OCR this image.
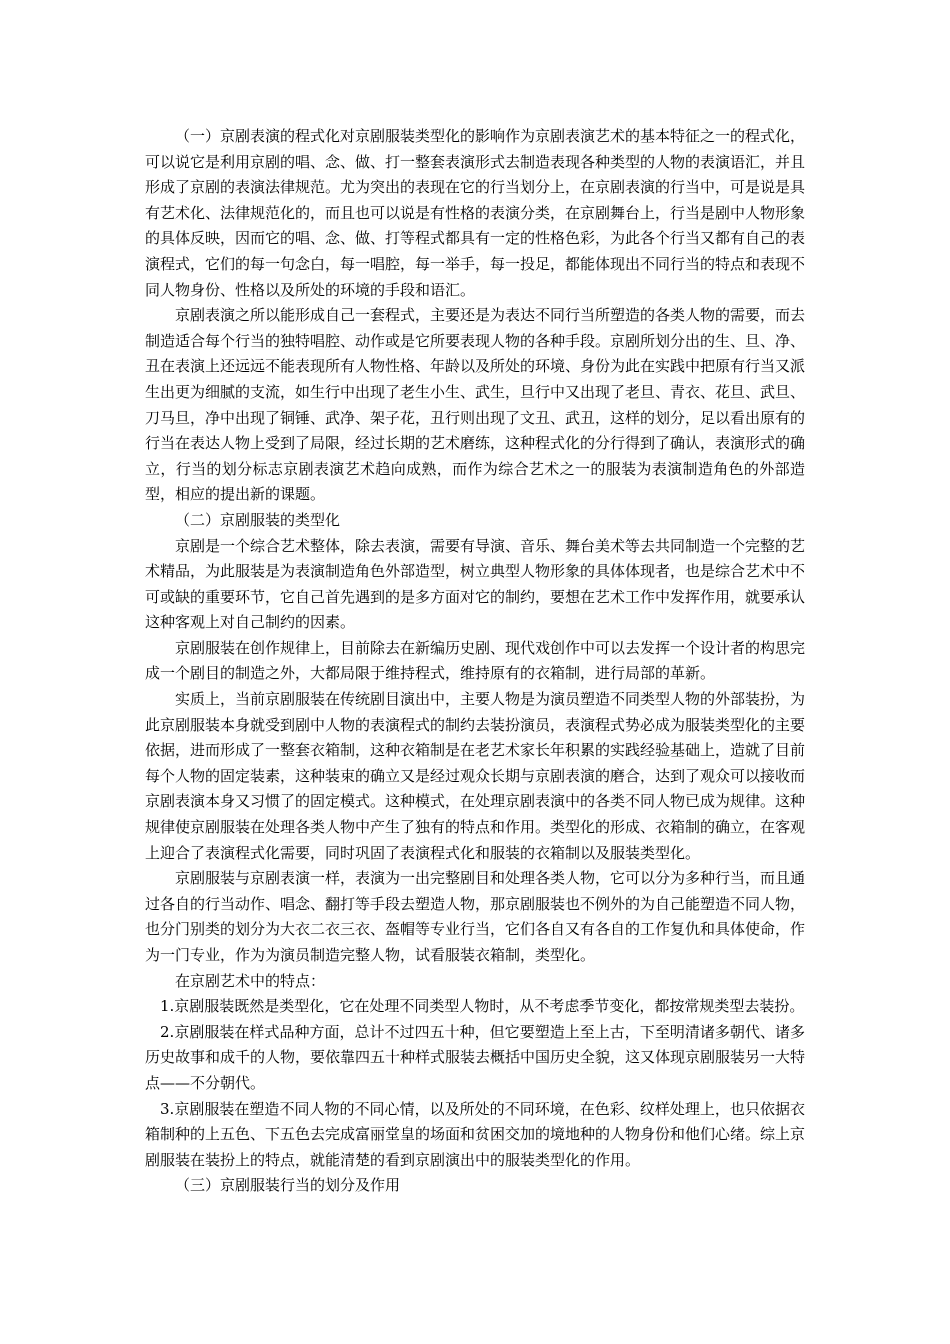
（一）京剧表演的程式化对京剧服装类型化的影响作为京剧表演艺术的基本特征之一的程式化，可以说它是利用京剧的唱、念、做、打一整套表演形式去制造表现各种类型的人物的表演语汇，并且形成了京剧的表演法律规范。尤为突出的表现在它的行当划分上，在京剧表演的行当中，可是说是具有艺术化、法律规范化的，而且也可以说是有性格的表演分类，在京剧舞台上，行当是剧中人物形象的具体反映，因而它的唱、念、做、打等程式都具有一定的性格色彩，为此各个行当又都有自己的表演程式，它们的每一句念白，每一唱腔，每一举手，每一投足，都能体现出不同行当的特点和表现不同人物身份、性格以及所处的环境的手段和语汇。

京剧表演之所以能形成自己一套程式，主要还是为表达不同行当所塑造的各类人物的需要，而去制造适合每个行当的独特唱腔、动作或是它所要表现人物的各种手段。京剧所划分出的生、旦、净、丑在表演上还远远不能表现所有人物性格、年龄以及所处的环境、身份为此在实践中把原有行当又派生出更为细腻的支流，如生行中出现了老生小生、武生，旦行中又出现了老旦、青衣、花旦、武旦、刀马旦，净中出现了铜锤、武净、架子花，丑行则出现了文丑、武丑，这样的划分，足以看出原有的行当在表达人物上受到了局限，经过长期的艺术磨练，这种程式化的分行得到了确认，表演形式的确立，行当的划分标志京剧表演艺术趋向成熟，而作为综合艺术之一的服装为表演制造角色的外部造型，相应的提出新的课题。

（二）京剧服装的类型化

京剧是一个综合艺术整体，除去表演，需要有导演、音乐、舞台美术等去共同制造一个完整的艺术精品，为此服装是为表演制造角色外部造型，树立典型人物形象的具体体现者，也是综合艺术中不可或缺的重要环节，它自己首先遇到的是多方面对它的制约，要想在艺术工作中发挥作用，就要承认这种客观上对自己制约的因素。

京剧服装在创作规律上，目前除去在新编历史剧、现代戏创作中可以去发挥一个设计者的构思完成一个剧目的制造之外，大都局限于维持程式，维持原有的衣箱制，进行局部的革新。

实质上，当前京剧服装在传统剧目演出中，主要人物是为演员塑造不同类型人物的外部装扮，为此京剧服装本身就受到剧中人物的表演程式的制约去装扮演员，表演程式势必成为服装类型化的主要依据，进而形成了一整套衣箱制，这种衣箱制是在老艺术家长年积累的实践经验基础上，造就了目前每个人物的固定装素，这种装束的确立又是经过观众长期与京剧表演的磨合，达到了观众可以接收而京剧表演本身又习惯了的固定模式。这种模式，在处理京剧表演中的各类不同人物已成为规律。这种规律使京剧服装在处理各类人物中产生了独有的特点和作用。类型化的形成、衣箱制的确立，在客观上迎合了表演程式化需要，同时巩固了表演程式化和服装的衣箱制以及服装类型化。

京剧服装与京剧表演一样，表演为一出完整剧目和处理各类人物，它可以分为多种行当，而且通过各自的行当动作、唱念、翻打等手段去塑造人物，那京剧服装也不例外的为自己能塑造不同人物，也分门别类的划分为大衣二衣三衣、盔帽等专业行当，它们各自又有各自的工作复仇和具体使命，作为一门专业，作为为演员制造完整人物，试看服装衣箱制，类型化。

在京剧艺术中的特点：

1.京剧服装既然是类型化，它在处理不同类型人物时，从不考虑季节变化，都按常规类型去装扮。

2.京剧服装在样式品种方面，总计不过四五十种，但它要塑造上至上古，下至明清诸多朝代、诸多历史故事和成千的人物，要依靠四五十种样式服装去概括中国历史全貌，这又体现京剧服装另一大特点——不分朝代。

3.京剧服装在塑造不同人物的不同心情，以及所处的不同环境，在色彩、纹样处理上，也只依据衣箱制种的上五色、下五色去完成富丽堂皇的场面和贫困交加的境地种的人物身份和他们心绪。综上京剧服装在装扮上的特点，就能清楚的看到京剧演出中的服装类型化的作用。

（三）京剧服装行当的划分及作用
